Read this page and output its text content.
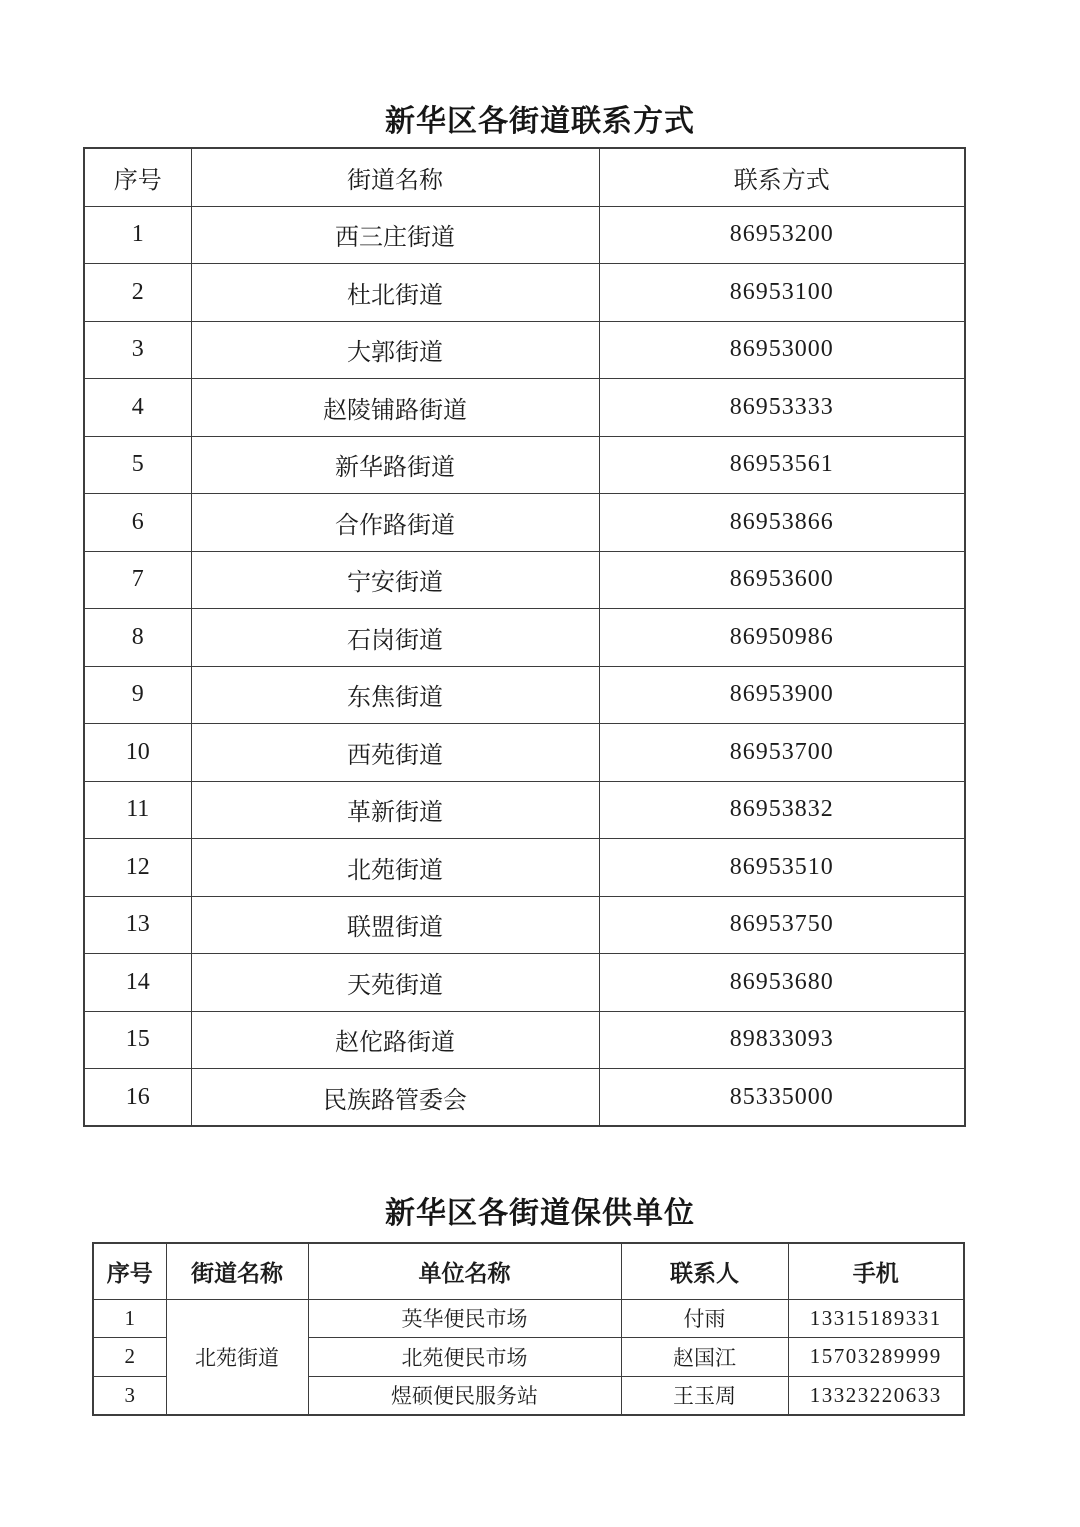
新华区各街道联系方式
序号	街道名称	联系方式
1	西三庄街道	86953200
2	杜北街道	86953100
3	大郭街道	86953000
4	赵陵铺路街道	86953333
5	新华路街道	86953561
6	合作路街道	86953866
7	宁安街道	86953600
8	石岗街道	86950986
9	东焦街道	86953900
10	西苑街道	86953700
11	革新街道	86953832
12	北苑街道	86953510
13	联盟街道	86953750
14	天苑街道	86953680
15	赵佗路街道	89833093
16	民族路管委会	85335000
新华区各街道保供单位
序号	街道名称	单位名称	联系人	手机
1	北苑街道	英华便民市场	付雨	13315189331
2		北苑便民市场	赵国江	15703289999
3		煜硕便民服务站	王玉周	13323220633
